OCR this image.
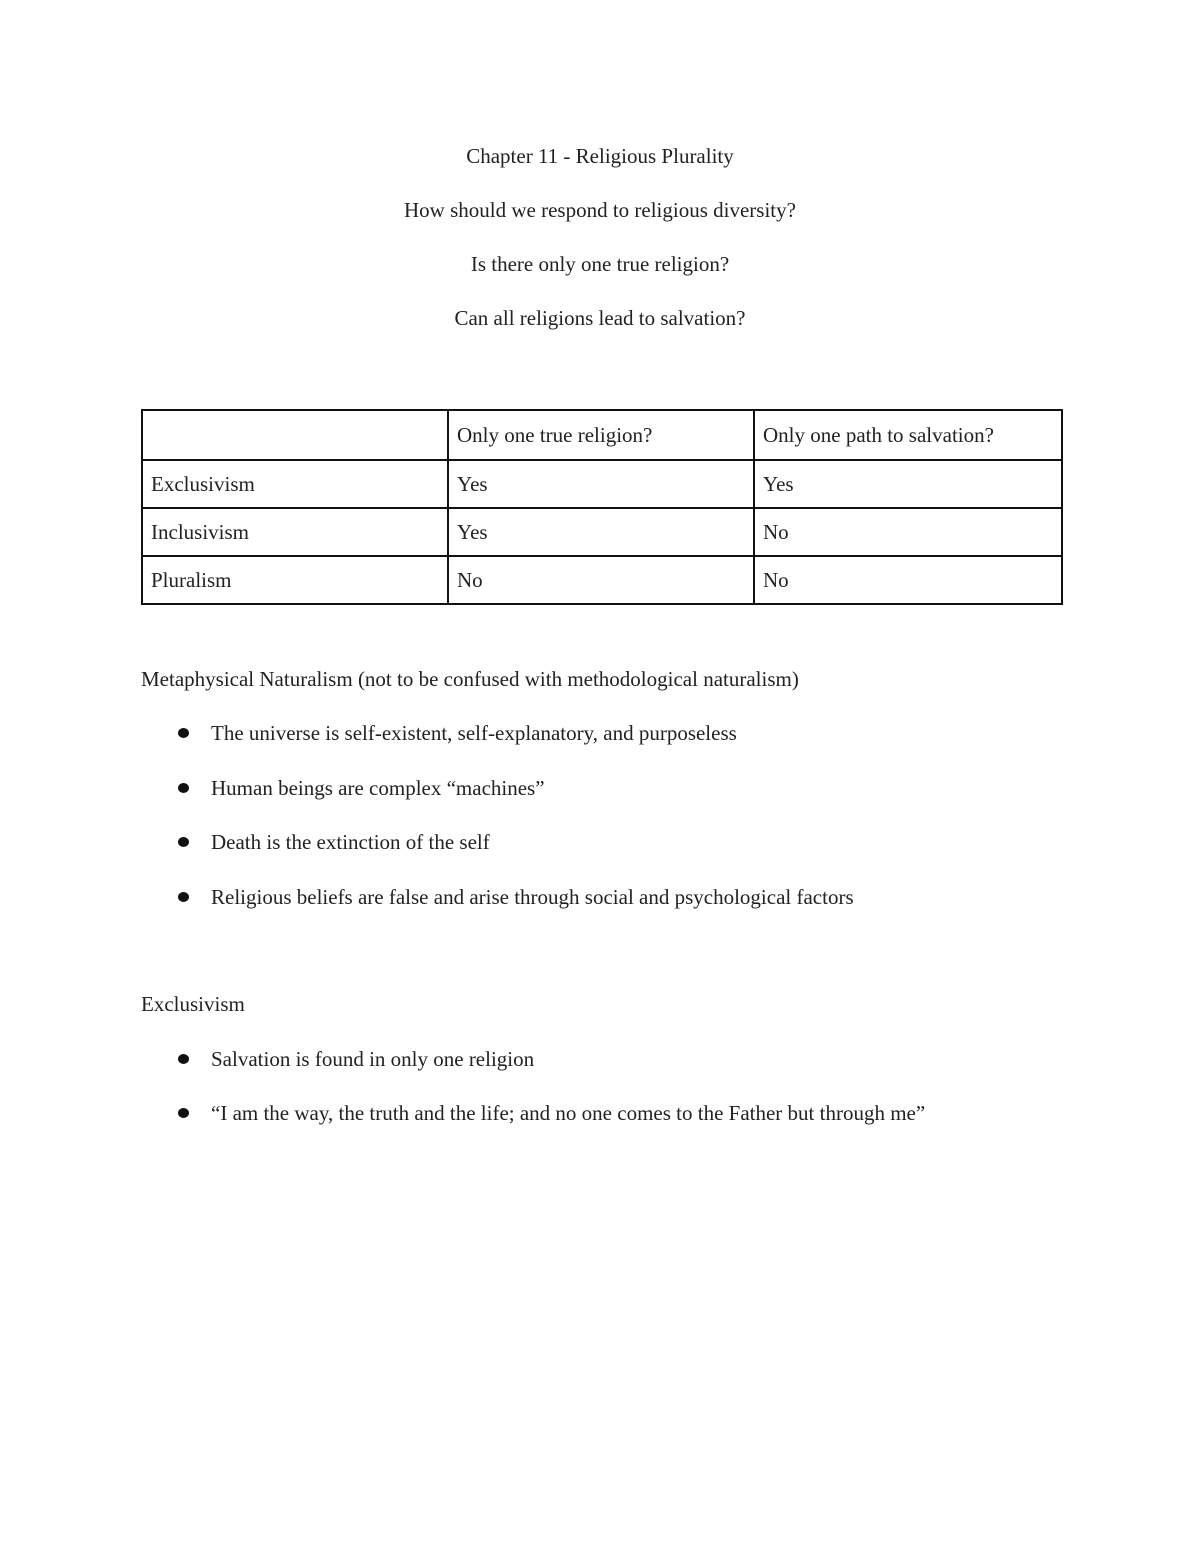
Chapter 11 - Religious Plurality
How should we respond to religious diversity?
Is there only one true religion?
Can all religions lead to salvation?
	Only one true religion?	Only one path to salvation?
Exclusivism	Yes	Yes
Inclusivism	Yes	No
Pluralism	No	No
Metaphysical Naturalism (not to be confused with methodological naturalism)
The universe is self-existent, self-explanatory, and purposeless
Human beings are complex “machines”
Death is the extinction of the self
Religious beliefs are false and arise through social and psychological factors
Exclusivism
Salvation is found in only one religion
“I am the way, the truth and the life; and no one comes to the Father but through me”
